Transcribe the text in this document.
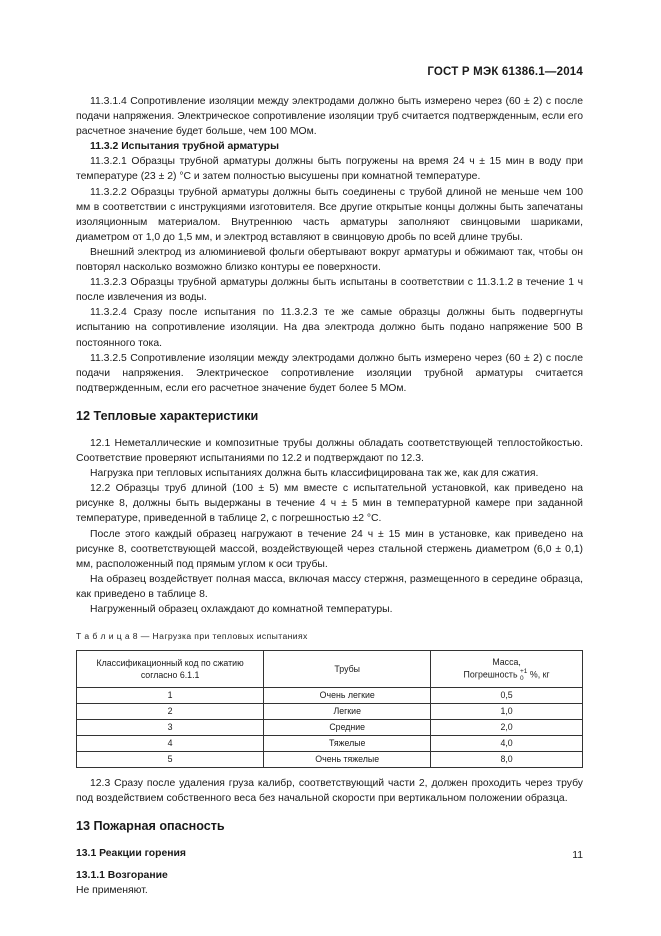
ГОСТ Р МЭК 61386.1—2014

11.3.1.4 Сопротивление изоляции между электродами должно быть измерено через (60 ± 2) с после подачи напряжения. Электрическое сопротивление изоляции труб считается подтвержденным, если его расчетное значение будет больше, чем 100 МОм.

11.3.2 Испытания трубной арматуры

11.3.2.1 Образцы трубной арматуры должны быть погружены на время 24 ч ± 15 мин в воду при температуре (23 ± 2) °С и затем полностью высушены при комнатной температуре.

11.3.2.2 Образцы трубной арматуры должны быть соединены с трубой длиной не меньше чем 100 мм в соответствии с инструкциями изготовителя. Все другие открытые концы должны быть запечатаны изоляционным материалом. Внутреннюю часть арматуры заполняют свинцовыми шариками, диаметром от 1,0 до 1,5 мм, и электрод вставляют в свинцовую дробь по всей длине трубы.

Внешний электрод из алюминиевой фольги обертывают вокруг арматуры и обжимают так, чтобы он повторял насколько возможно близко контуры ее поверхности.

11.3.2.3 Образцы трубной арматуры должны быть испытаны в соответствии с 11.3.1.2 в течение 1 ч после извлечения из воды.

11.3.2.4 Сразу после испытания по 11.3.2.3 те же самые образцы должны быть подвергнуты испытанию на сопротивление изоляции. На два электрода должно быть подано напряжение 500 В постоянного тока.

11.3.2.5 Сопротивление изоляции между электродами должно быть измерено через (60 ± 2) с после подачи напряжения. Электрическое сопротивление изоляции трубной арматуры считается подтвержденным, если его расчетное значение будет более 5 МОм.

12 Тепловые характеристики

12.1 Неметаллические и композитные трубы должны обладать соответствующей теплостойкостью. Соответствие проверяют испытаниями по 12.2 и подтверждают по 12.3.

Нагрузка при тепловых испытаниях должна быть классифицирована так же, как для сжатия.

12.2 Образцы труб длиной (100 ± 5) мм вместе с испытательной установкой, как приведено на рисунке 8, должны быть выдержаны в течение 4 ч ± 5 мин в температурной камере при заданной температуре, приведенной в таблице 2, с погрешностью ±2 °С.

После этого каждый образец нагружают в течение 24 ч ± 15 мин в установке, как приведено на рисунке 8, соответствующей массой, воздействующей через стальной стержень диаметром (6,0 ± 0,1) мм, расположенный под прямым углом к оси трубы.

На образец воздействует полная масса, включая массу стержня, размещенного в середине образца, как приведено в таблице 8.

Нагруженный образец охлаждают до комнатной температуры.

Т а б л и ц а 8 — Нагрузка при тепловых испытаниях
Классификационный код по сжатию согласно 6.1.1	Трубы	Масса,
Погрешность +1
0 %, кг
1	Очень легкие	0,5
2	Легкие	1,0
3	Средние	2,0
4	Тяжелые	4,0
5	Очень тяжелые	8,0

12.3 Сразу после удаления груза калибр, соответствующий части 2, должен проходить через трубу под воздействием собственного веса без начальной скорости при вертикальном положении образца.

13 Пожарная опасность

13.1 Реакции горения

13.1.1 Возгорание

Не применяют.

11
